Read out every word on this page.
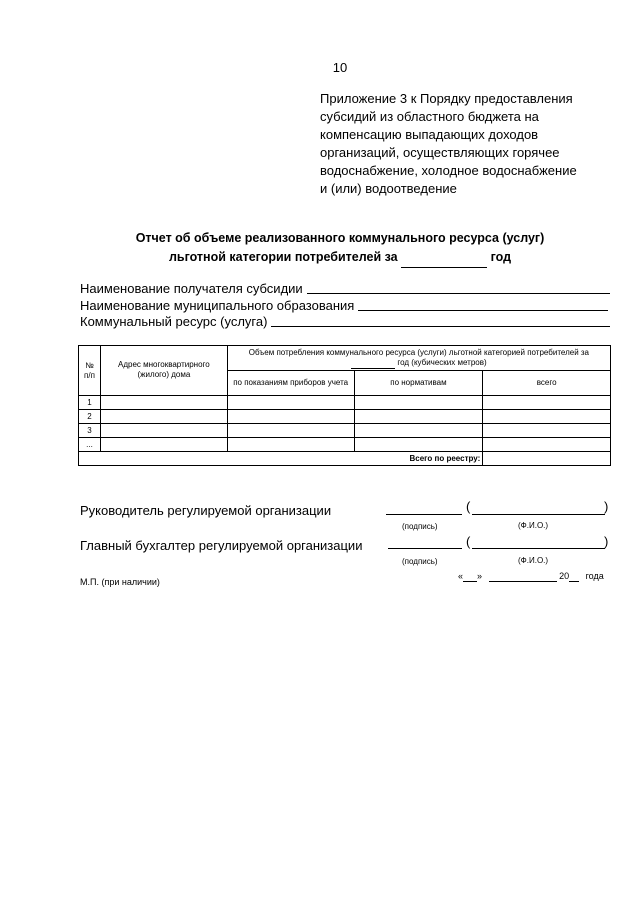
10
Приложение 3 к Порядку предоставления
субсидий из областного бюджета на
компенсацию выпадающих доходов
организаций, осуществляющих горячее
водоснабжение, холодное водоснабжение
и (или) водоотведение
Отчет об объеме реализованного коммунального ресурса (услуг)
льготной категории потребителей за	год
Наименование получателя субсидии
Наименование муниципального образования
Коммунальный ресурс (услуга)
№ п/п	Адрес многоквартирного (жилого) дома	Объем потребления коммунального ресурса (услуги) льготной категорией потребителей за   год (кубических метров)		
		по показаниям приборов учета	по нормативам	всего
1				
2				
3				
...				
Всего по реестру:				
Руководитель регулируемой организации	(	)
(подпись)	(Ф.И.О.)
Главный бухгалтер регулируемой организации	(	)
(подпись)	(Ф.И.О.)
М.П. (при наличии)
« »	20 года
